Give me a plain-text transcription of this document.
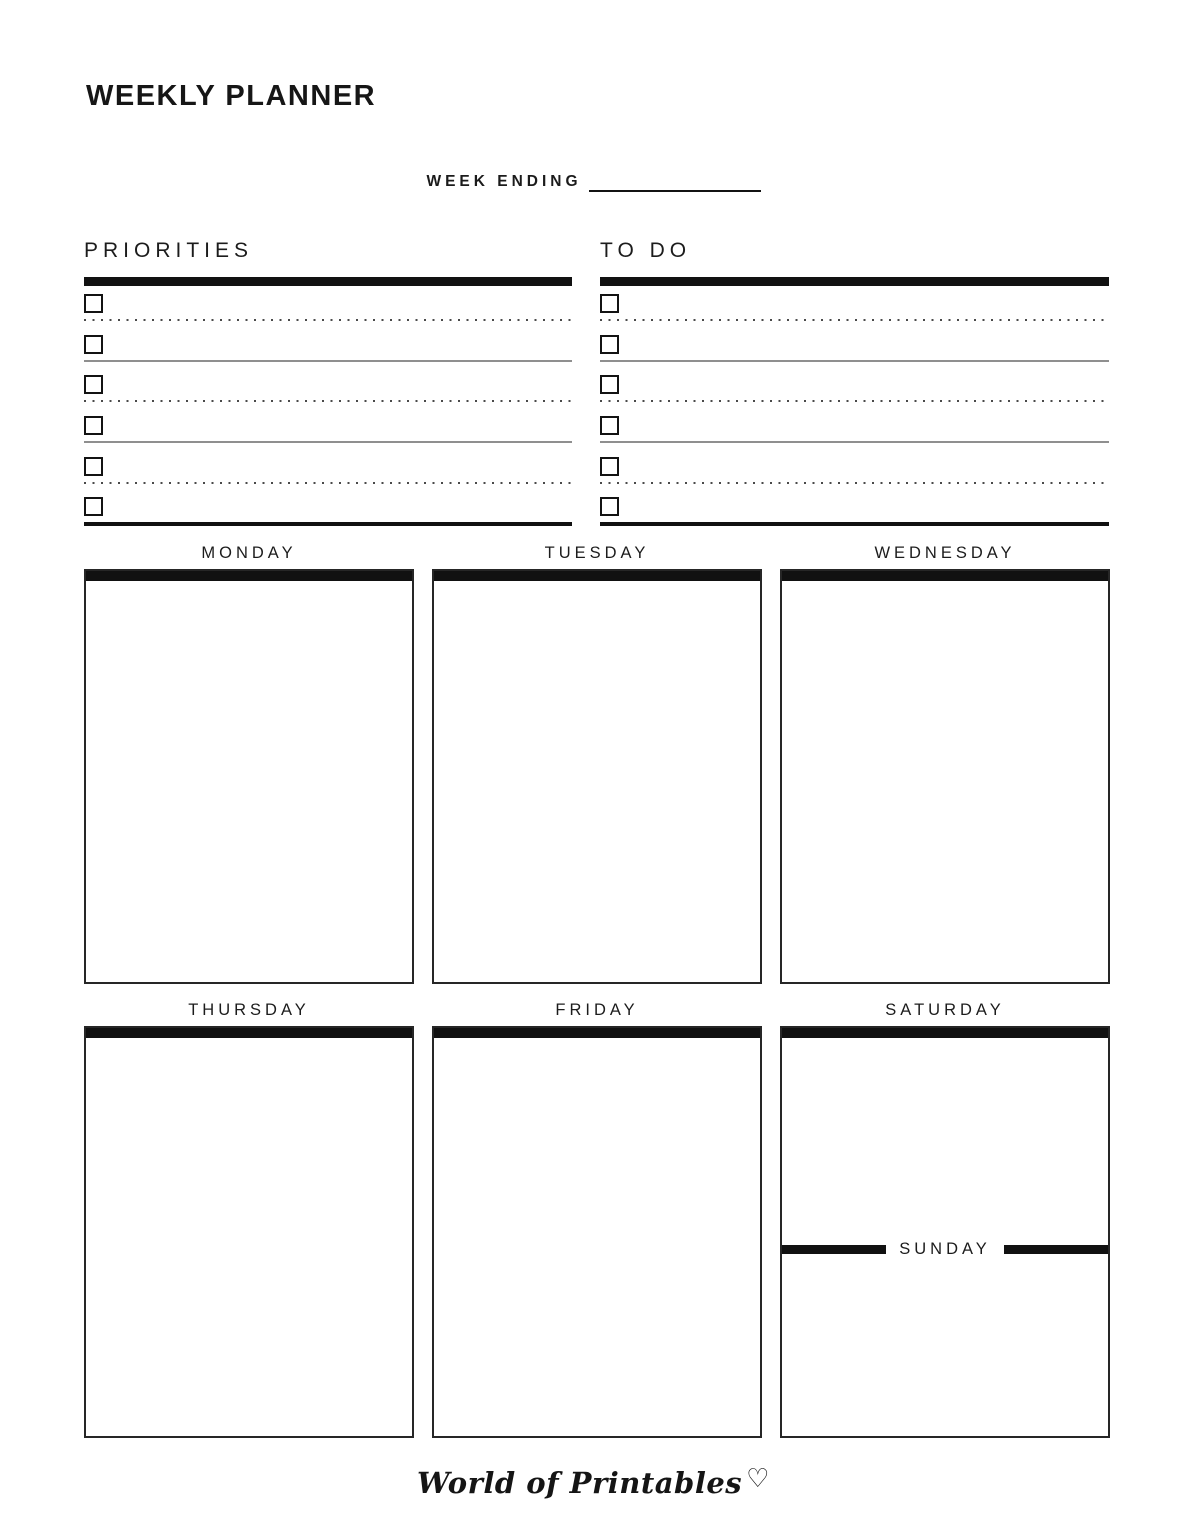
WEEKLY PLANNER
WEEK ENDING
PRIORITIES	TO DO
MONDAY	TUESDAY	WEDNESDAY
THURSDAY	FRIDAY	SATURDAY
SUNDAY
World of Printables ♡
